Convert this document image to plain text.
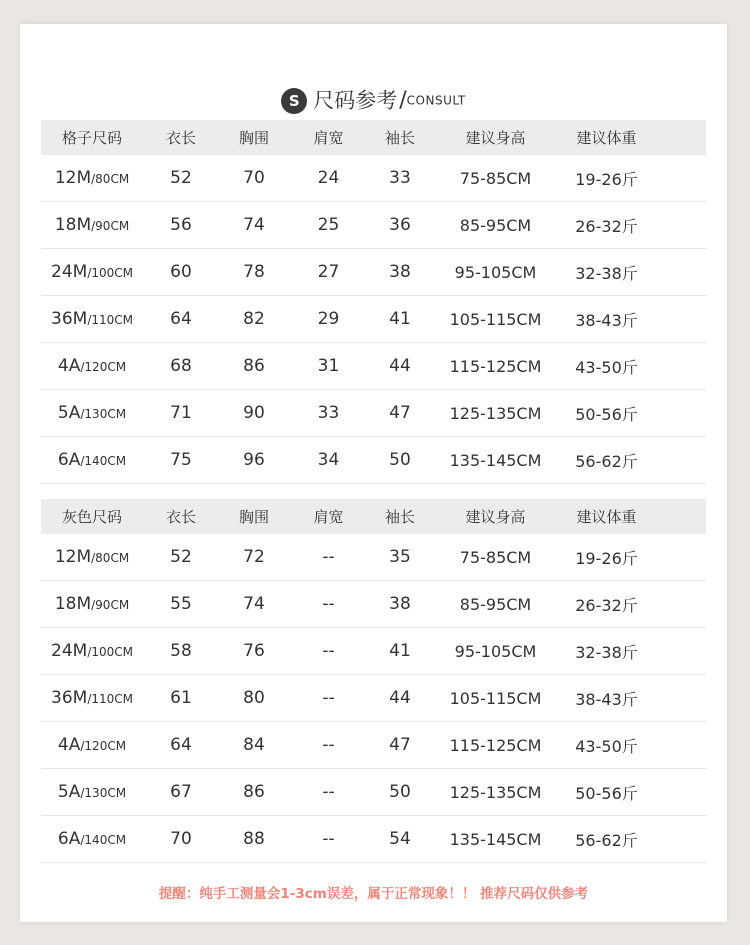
S 尺码参考/CONSULT
格子尺码	衣长	胸围	肩宽	袖长	建议身高	建议体重
12M/80CM	52	70	24	33	75-85CM	19-26斤
18M/90CM	56	74	25	36	85-95CM	26-32斤
24M/100CM	60	78	27	38	95-105CM	32-38斤
36M/110CM	64	82	29	41	105-115CM	38-43斤
4A/120CM	68	86	31	44	115-125CM	43-50斤
5A/130CM	71	90	33	47	125-135CM	50-56斤
6A/140CM	75	96	34	50	135-145CM	56-62斤
灰色尺码	衣长	胸围	肩宽	袖长	建议身高	建议体重
12M/80CM	52	72	--	35	75-85CM	19-26斤
18M/90CM	55	74	--	38	85-95CM	26-32斤
24M/100CM	58	76	--	41	95-105CM	32-38斤
36M/110CM	61	80	--	44	105-115CM	38-43斤
4A/120CM	64	84	--	47	115-125CM	43-50斤
5A/130CM	67	86	--	50	125-135CM	50-56斤
6A/140CM	70	88	--	54	135-145CM	56-62斤
提醒：纯手工测量会1-3cm误差，属于正常现象！！ 推荐尺码仅供参考
